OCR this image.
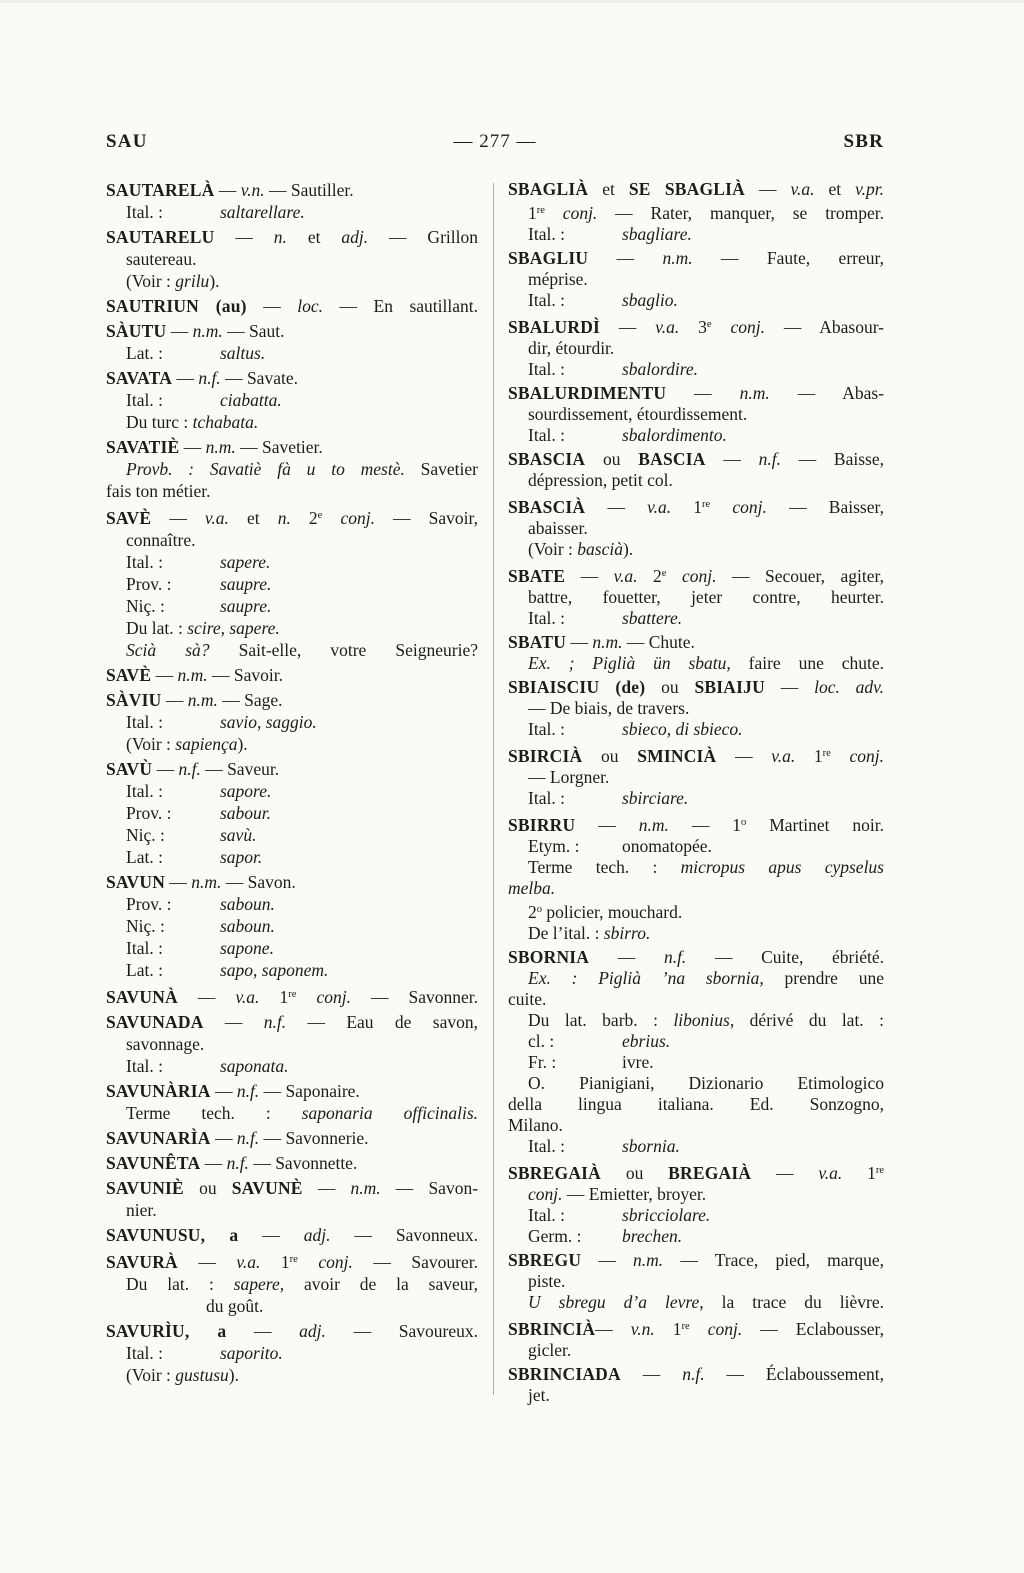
SAU	— 277 —	SBR
SAUTARELÀ — v.n. — Sautiller.
Ital. :	saltarellare.
SAUTARELU — n. et adj. — Grillon
sautereau.
(Voir : grilu).
SAUTRIUN (au) — loc. — En sautillant.
SÀUTU — n.m. — Saut.
Lat. :	saltus.
SAVATA — n.f. — Savate.
Ital. :	ciabatta.
Du turc : tchabata.
SAVATIÈ — n.m. — Savetier.
Provb. : Savatiè fà u to mestè. Savetier
fais ton métier.
SAVÈ — v.a. et n. 2e conj. — Savoir,
connaître.
Ital. :	sapere.
Prov. :	saupre.
Niç. :	saupre.
Du lat. : scire, sapere.
Scià sà? Sait-elle, votre Seigneurie?
SAVÈ — n.m. — Savoir.
SÀVIU — n.m. — Sage.
Ital. :	savio, saggio.
(Voir : sapiença).
SAVÙ — n.f. — Saveur.
Ital. :	sapore.
Prov. :	sabour.
Niç. :	savù.
Lat. :	sapor.
SAVUN — n.m. — Savon.
Prov. :	saboun.
Niç. :	saboun.
Ital. :	sapone.
Lat. :	sapo, saponem.
SAVUNÀ — v.a. 1re conj. — Savonner.
SAVUNADA — n.f. — Eau de savon,
savonnage.
Ital. :	saponata.
SAVUNÀRIA — n.f. — Saponaire.
Terme tech. : saponaria officinalis.
SAVUNARÌA — n.f. — Savonnerie.
SAVUNÊTA — n.f. — Savonnette.
SAVUNIÈ ou SAVUNÈ — n.m. — Savon-
nier.
SAVUNUSU, a — adj. — Savonneux.
SAVURÀ — v.a. 1re conj. — Savourer.
Du lat. : sapere, avoir de la saveur,
du goût.
SAVURÌU, a — adj. — Savoureux.
Ital. :	saporito.
(Voir : gustusu).
SBAGLIÀ et SE SBAGLIÀ — v.a. et v.pr.
1re conj. — Rater, manquer, se tromper.
Ital. :	sbagliare.
SBAGLIU — n.m. — Faute, erreur,
méprise.
Ital. :	sbaglio.
SBALURDÌ — v.a. 3e conj. — Abasour-
dir, étourdir.
Ital. :	sbalordire.
SBALURDIMENTU — n.m. — Abas-
sourdissement, étourdissement.
Ital. :	sbalordimento.
SBASCIA ou BASCIA — n.f. — Baisse,
dépression, petit col.
SBASCIÀ — v.a. 1re conj. — Baisser,
abaisser.
(Voir : bascià).
SBATE — v.a. 2e conj. — Secouer, agiter,
battre, fouetter, jeter contre, heurter.
Ital. :	sbattere.
SBATU — n.m. — Chute.
Ex. ; Piglià ün sbatu, faire une chute.
SBIAISCIU (de) ou SBIAIJU — loc. adv.
— De biais, de travers.
Ital. :	sbieco, di sbieco.
SBIRCIÀ ou SMINCIÀ — v.a. 1re conj.
— Lorgner.
Ital. :	sbirciare.
SBIRRU — n.m. — 1$^o$ Martinet noir.
Etym. : onomatopée.
Terme tech. : micropus apus cypselus
melba.
2$^o$ policier, mouchard.
De l’ital. : sbirro.
SBORNIA — n.f. — Cuite, ébriété.
Ex. : Piglià ’na sbornia, prendre une
cuite.
Du lat. barb. : libonius, dérivé du lat. :
cl. :	ebrius.
Fr. :	ivre.
O. Pianigiani, Dizionario Etimologico
della lingua italiana. Ed. Sonzogno,
Milano.
Ital. :	sbornia.
SBREGAIÀ ou BREGAIÀ — v.a. 1re
conj. — Emietter, broyer.
Ital. :	sbricciolare.
Germ. : brechen.
SBREGU — n.m. — Trace, pied, marque,
piste.
U sbregu d’a levre, la trace du lièvre.
SBRINCIÀ— v.n. 1re conj. — Eclabousser,
gicler.
SBRINCIADA — n.f. — Éclaboussement,
jet.
